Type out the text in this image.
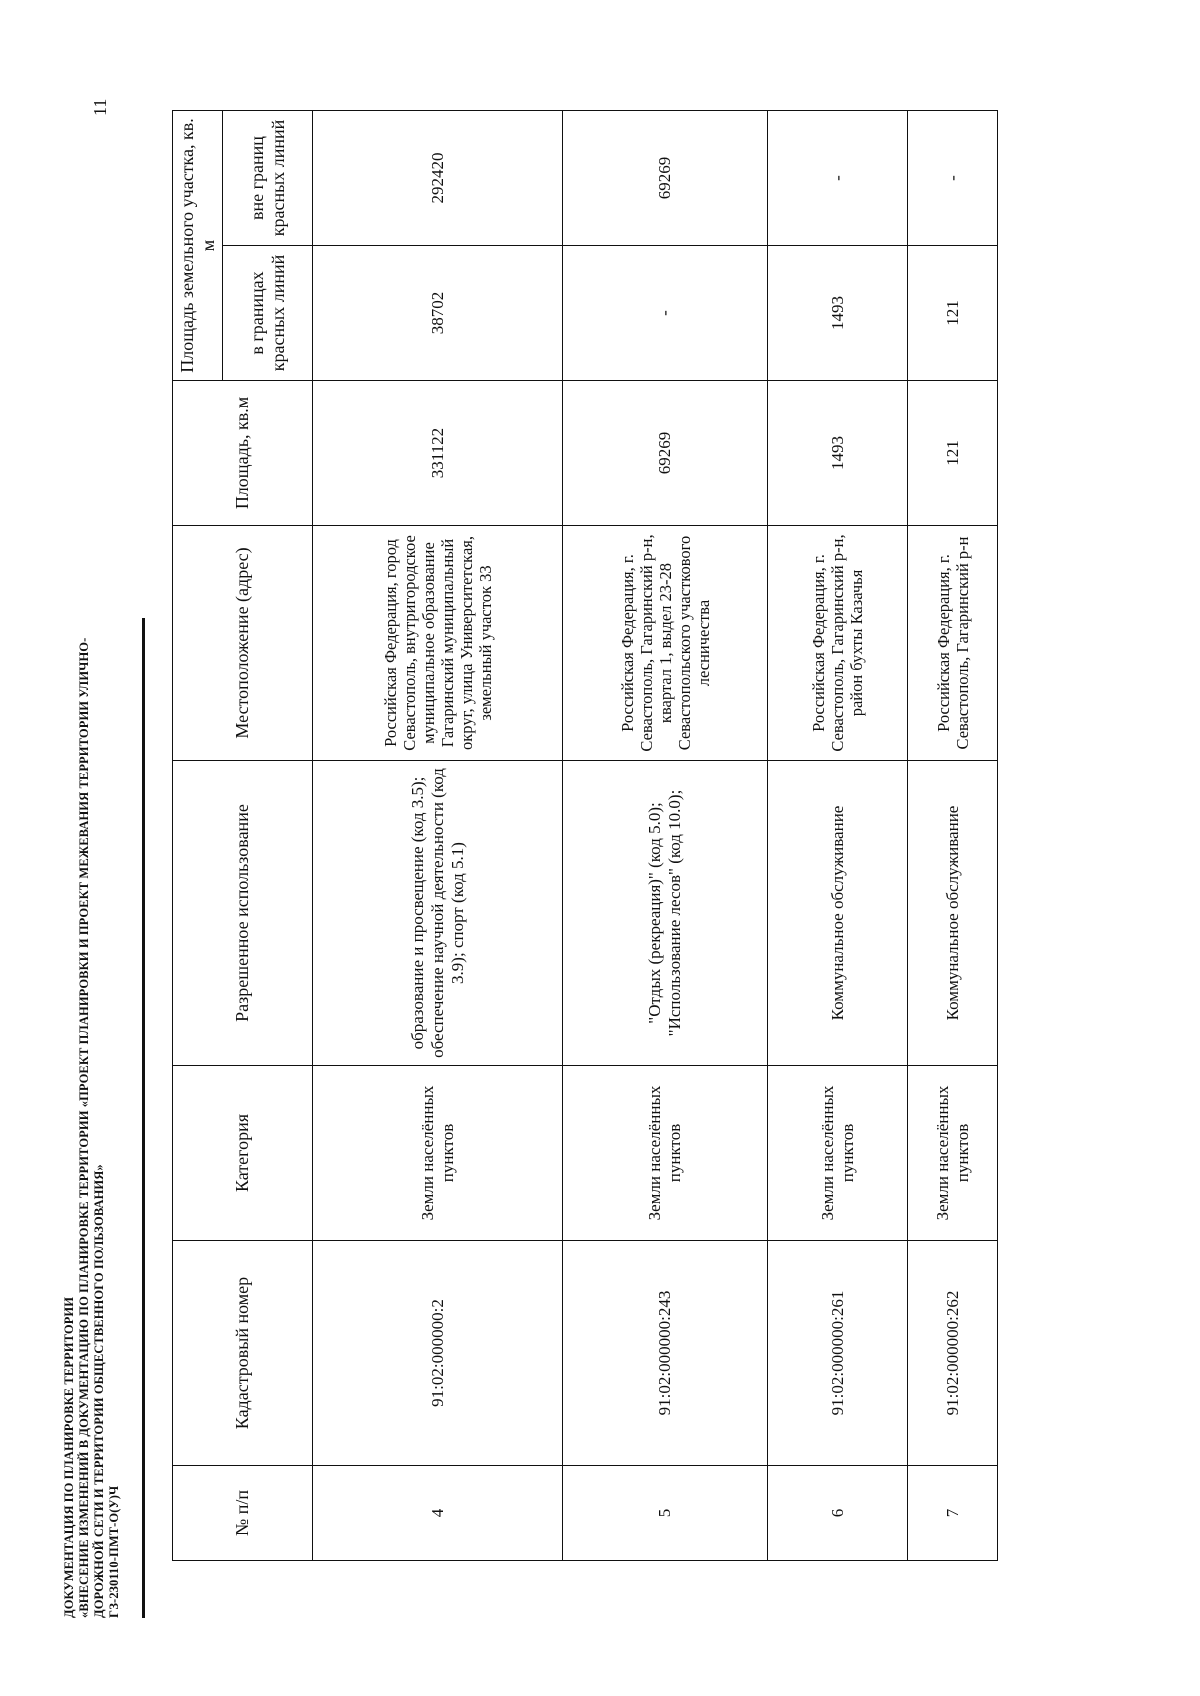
ДОКУМЕНТАЦИЯ ПО ПЛАНИРОВКЕ ТЕРРИТОРИИ «ВНЕСЕНИЕ ИЗМЕНЕНИЙ В ДОКУМЕНТАЦИЮ ПО ПЛАНИРОВКЕ ТЕРРИТОРИИ «ПРОЕКТ ПЛАНИРОВКИ И ПРОЕКТ МЕЖЕВАНИЯ ТЕРРИТОРИИ УЛИЧНО- ДОРОЖНОЙ СЕТИ И ТЕРРИТОРИИ ОБЩЕСТВЕННОГО ПОЛЬЗОВАНИЯ» ГЗ-230110-ПМТ-О(У)Ч
11
№ п/п	Кадастровый номер	Категория	Разрешенное использование	Местоположение (адрес)	Площадь, кв.м	Площадь земельного участка, кв. м	
						в границах красных линий	вне границ красных линий
4	91:02:000000:2	Земли населённых пунктов	образование и просвещение (код 3.5); обеспечение научной деятельности (код 3.9); спорт (код 5.1)	Российская Федерация, город Севастополь, внутригородское муниципальное образование Гагаринский муниципальный округ, улица Университетская, земельный участок 33	331122	38702	292420
5	91:02:000000:243	Земли населённых пунктов	"Отдых (рекреация)" (код 5.0); "Использование лесов" (код 10.0);	Российская Федерация, г. Севастополь, Гагаринский р-н, квартал 1, выдел 23-28 Севастопольского участкового лесничества	69269	-	69269
6	91:02:000000:261	Земли населённых пунктов	Коммунальное обслуживание	Российская Федерация, г. Севастополь, Гагаринский р-н, район бухты Казачья	1493	1493	-
7	91:02:000000:262	Земли населённых пунктов	Коммунальное обслуживание	Российская Федерация, г. Севастополь, Гагаринский р-н	121	121	-
